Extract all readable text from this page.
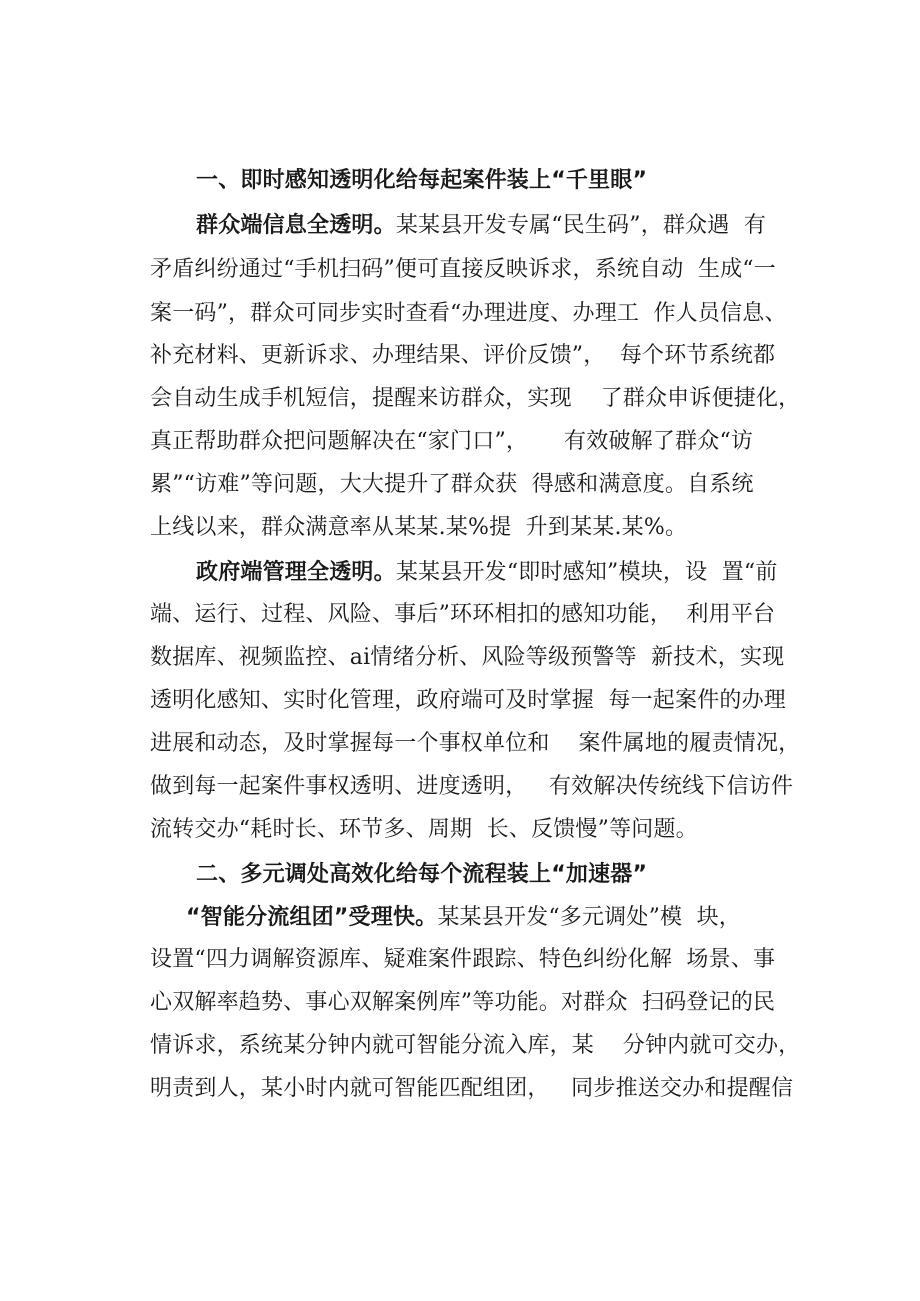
一、即时感知透明化给每起案件装上“千里眼”
群众端信息全透明。某某县开发专属“民生码”，群众遇  有
矛盾纠纷通过“手机扫码”便可直接反映诉求，系统自动  生成“一
案一码”，群众可同步实时查看“办理进度、办理工  作人员信息、
补充材料、更新诉求、办理结果、评价反馈”，  每个环节系统都
会自动生成手机短信，提醒来访群众，实现    了群众申诉便捷化，
真正帮助群众把问题解决在“家门口”，     有效破解了群众“访
累”“访难”等问题，大大提升了群众获  得感和满意度。自系统
上线以来，群众满意率从某某.某%提  升到某某.某%。
政府端管理全透明。某某县开发“即时感知”模块，设  置“前
端、运行、过程、风险、事后”环环相扣的感知功能，  利用平台
数据库、视频监控、ai情绪分析、风险等级预警等  新技术，实现
透明化感知、实时化管理，政府端可及时掌握  每一起案件的办理
进展和动态，及时掌握每一个事权单位和    案件属地的履责情况，
做到每一起案件事权透明、进度透明，   有效解决传统线下信访件
流转交办“耗时长、环节多、周期  长、反馈慢”等问题。
二、多元调处高效化给每个流程装上“加速器”
“智能分流组团”受理快。某某县开发“多元调处”模  块，
设置“四力调解资源库、疑难案件跟踪、特色纠纷化解  场景、事
心双解率趋势、事心双解案例库”等功能。对群众  扫码登记的民
情诉求，系统某分钟内就可智能分流入库，某    分钟内就可交办，
明责到人，某小时内就可智能匹配组团，   同步推送交办和提醒信
